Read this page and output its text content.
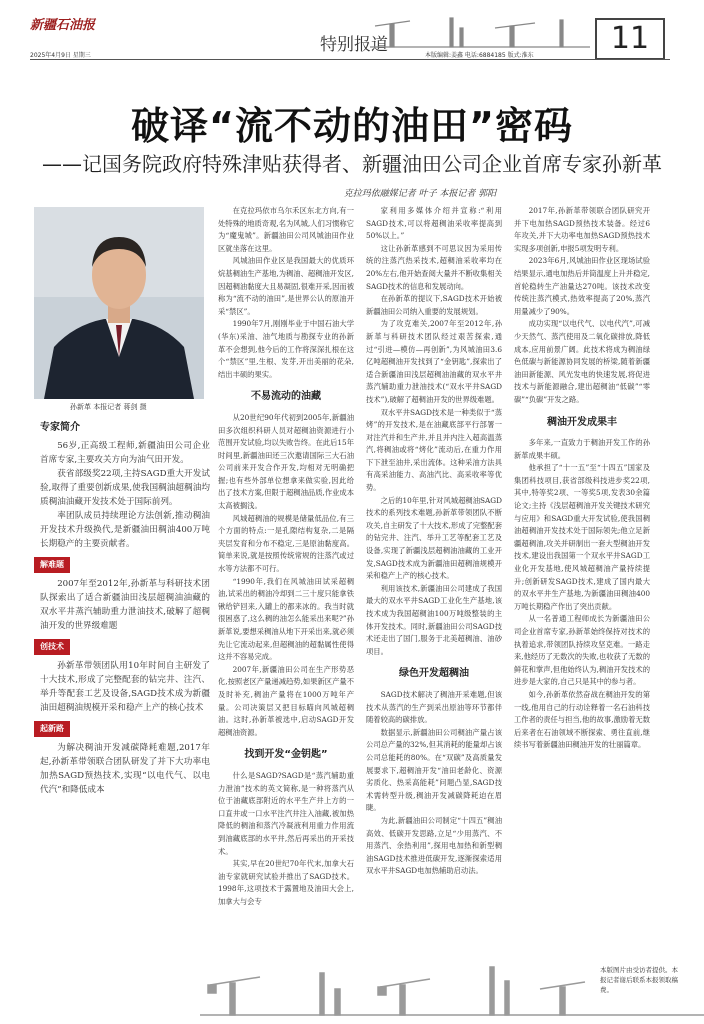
新疆石油报
2025年4月9日 星期三
特别报道
本版编辑:姜鑫 电话:6884185 版式:淮东	11
破译“流不动的油田”密码
——记国务院政府特殊津贴获得者、新疆油田公司企业首席专家孙新革
克拉玛依融媒记者 叶子 本报记者 郭阳
孙新革 本报记者 蒋剑 摄
专家简介

56岁,正高级工程师,新疆油田公司企业首席专家,主要攻关方向为油气田开发。

获省部级奖22项,主持SAGD重大开发试验,取得了重要创新成果,使我国稠油超稠油均质稠油油藏开发技术处于国际前列。

率团队成员持续理论方法创新,推动稠油开发技术升级换代,是新疆油田稠油400万吨长期稳产的主要贡献者。

解难题

2007年至2012年,孙新革与科研技术团队探索出了适合新疆油田浅层超稠油油藏的双水平井蒸汽辅助重力泄油技术,破解了超稠油开发的世界级难题

创技术

孙新革带领团队用10年时间自主研发了十大技术,形成了完整配套的钻完井、注汽、举升等配套工艺及设备,SAGD技术成为新疆油田超稠油规模开采和稳产上产的核心技术

起新路

为解决稠油开发减碳降耗难题,2017年起,孙新革带领联合团队研发了并下大功率电加热SAGD预热技术,实现“以电代气、以电代汽”和降低成本

在克拉玛依市乌尔禾区东北方向,有一处特殊的地质奇观,名为风城,人们习惯称它为“魔鬼城”。新疆油田公司风城油田作业区就坐落在这里。

风城油田作业区是我国最大的优质环烷基稠油生产基地,为稠油、超稠油开发区,因超稠油黏度大且易凝固,很难开采,因而被称为“流不动的油田”,是世界公认的原油开采“禁区”。

1990年7月,刚刚毕业于中国石油大学(华东)采油、油气地质与勘探专业的孙新革不会想到,他今后的工作将深深扎根在这个“禁区”里,生根、发芽,开出美丽的花朵,结出丰硕的果实。

不易流动的油藏

从20世纪90年代初到2005年,新疆油田多次组织科研人员对超稠油资源进行小范围开发试验,均以失败告终。在此后15年时间里,新疆油田还三次邀请国际三大石油公司前来开发合作开发,均相对无明确把握;也有些外部单位想拿来做实验,因此给出了技术方案,但限于超稠油品质,作业成本太高被搁浅。

风城超稠油的规模是储量低品位,有三个方面的特点:一是孔隙结构复杂,二是隔夹层发育和分布不稳定,三是原油黏度高。简单来说,就是按照传统常规的注蒸汽或过水等方法都不可行。

“1990年,我们在风城油田试采超稠油,试采出的稠油冷却到二三十度只能拿铁锹给铲回来,入罐上的都来冰的。我当时就很困惑了,这么稠的油怎么能采出来呢?”孙新革说,要想采稠油从地下开采出来,就必须先让它流动起来,但超稠油的超黏属性使得这并不容易完成。

2007年,新疆油田公司在生产形势恶化,按照老区产量递减趋势,如果新区产量不及时补充,稠油产量将在1000万吨年产量。公司决策层又把目标瞄向风城超稠油。这时,孙新革被选中,启动SAGD开发超稠油资源。

找到开发“金钥匙”

什么是SAGD?SAGD是“蒸汽辅助重力泄油”技术的英文简称,是一种将蒸汽从位于油藏底部附近的水平生产井上方的一口直井或一口水平注汽井注入油藏,被加热降低的稠油和蒸汽冷凝液利用重力作用流到油藏底部的水平井,然后再采出的开采技术。

其实,早在20世纪70年代末,加拿大石油专家就研究试验并推出了SAGD技术。1998年,这项技术于露置地及油田大会上,加拿大与会专

家利用多媒体介绍并宣称:“利用SAGD技术,可以将超稠油采收率提高到50%以上。”

这让孙新革感到不可思议因为采用传统的注蒸汽热采技术,超稠油采收率均在20%左右,他开始查阅大量并不断收集相关SAGD技术的信息和发展动向。

在孙新革的提议下,SAGD技术开始被新疆油田公司纳入重要的发展规划。

为了攻克难关,2007年至2012年,孙新革与科研技术团队经过艰苦探索,通过“引进—模仿—再创新”,为风城油田3.6亿吨超稠油开发找到了“金钥匙”,探索出了适合新疆油田浅层超稠油油藏的双水平井蒸汽辅助重力泄油技术(“双水平井SAGD技术”),破解了超稠油开发的世界级难题。

双水平井SAGD技术是一种类似于“蒸烤”的开发技术,是在油藏底部平行部署一对注汽并和生产井,并且并内注入超高温蒸汽,将稠油或将“烤化”流动后,在重力作用下下泄至油井,采出流体。这种采油方法具有高采油能力、高油汽比、高采收率等优势。

之后的10年里,针对风城超稠油SAGD技术的系列技术难题,孙新革带领团队不断攻关,自主研发了十大技术,形成了完整配套的钻完井、注汽、举升工艺等配套工艺及设备,实现了新疆浅层超稠油油藏的工业开发,SAGD技术成为新疆油田超稠油规模开采和稳产上产的核心技术。

利用该技术,新疆油田公司建成了我国最大的双水平井SAGD工业化生产基地,该技术成为我国超稠油100万吨级整装的主体开发技术。同时,新疆油田公司SAGD技术还走出了国门,服务于北美超稠油、油砂项目。

绿色开发超稠油

SAGD技术解决了稠油开采难题,但该技术从蒸汽的生产到采出原油等环节都伴随着较高的碳排放。

数据显示,新疆油田公司稠油产量占该公司总产量的32%,但其消耗的能量却占该公司总能耗的80%。在“双碳”及高质量发展要求下,超稠油开发“油田老龄化、资源劣质化、热采高能耗”问题凸显,SAGD技术需转型升级,稠油开发减碳降耗迫在眉睫。

为此,新疆油田公司制定“十四五”稠油高效、低碳开发思路,立足“少用蒸汽、不用蒸汽、余热利用”,探用电加热和新型稠油SAGD技术推进低碳开发,逐渐探索适用双水平井SAGD电加热辅助启动法。

2017年,孙新革带领联合团队研究开并下电加热SAGD预热技术装备。经过6年攻关,并下大功率电加热SAGD预热技术实现多项创新,申报5项发明专利。

2023年6月,风城油田作业区现场试验结果显示,通电加热后并筒温度上升并稳定,首轮稳转生产油量达270吨。该技术改变传统注蒸汽模式,热效率提高了20%,蒸汽用量减少了90%。

成功实现“以电代气、以电代汽”,可减少天然气、蒸汽使用及二氧化碳排放,降低成本,应用前景广阔。此技术将成为稠油绿色低碳与新能源协同发展的桥梁,随着新疆油田新能源、风光发电的快速发展,将促进技术与新能源融合,建出超稠油“低碳”“零碳”“负碳”开发之路。

稠油开发成果丰

多年来,一直致力于稠油开发工作的孙新革成果丰硕。

他承担了“十一五”至“十四五”国家及集团科技项目,获省部级科技进步奖22项,其中,特等奖2项、一等奖5项,发表30余篇论文;主持《浅层超稠油开发关键技术研究与应用》和SAGD重大开发试验,使我国稠油超稠油开发技术处于国际领先;他立足新疆超稠油,攻关并研制出一套大型稠油开发技术,建设出我国第一个双水平井SAGD工业化开发基地,使风城超稠油产量持续提升;创新研发SAGD技术,建成了国内最大的双水平井生产基地,为新疆油田稠油400万吨长期稳产作出了突出贡献。

从一名普通工程师成长为新疆油田公司企业首席专家,孙新革始终保持对技术的执着追求,带领团队持续攻坚克难。一路走来,他经历了无数次的失败,也收获了无数的鲜花和掌声,但他始终认为,稠油开发技术的进步是大家的,自己只是其中的参与者。

如今,孙新革依然奋战在稠油开发的第一线,他用自己的行动诠释着一名石油科技工作者的责任与担当,他的故事,激励着无数后来者在石油领域不断探索、勇往直前,继续书写着新疆油田稠油开发的壮丽篇章。

本版图片由受访者提供。本报记者谢后联系本报领取稿费。
